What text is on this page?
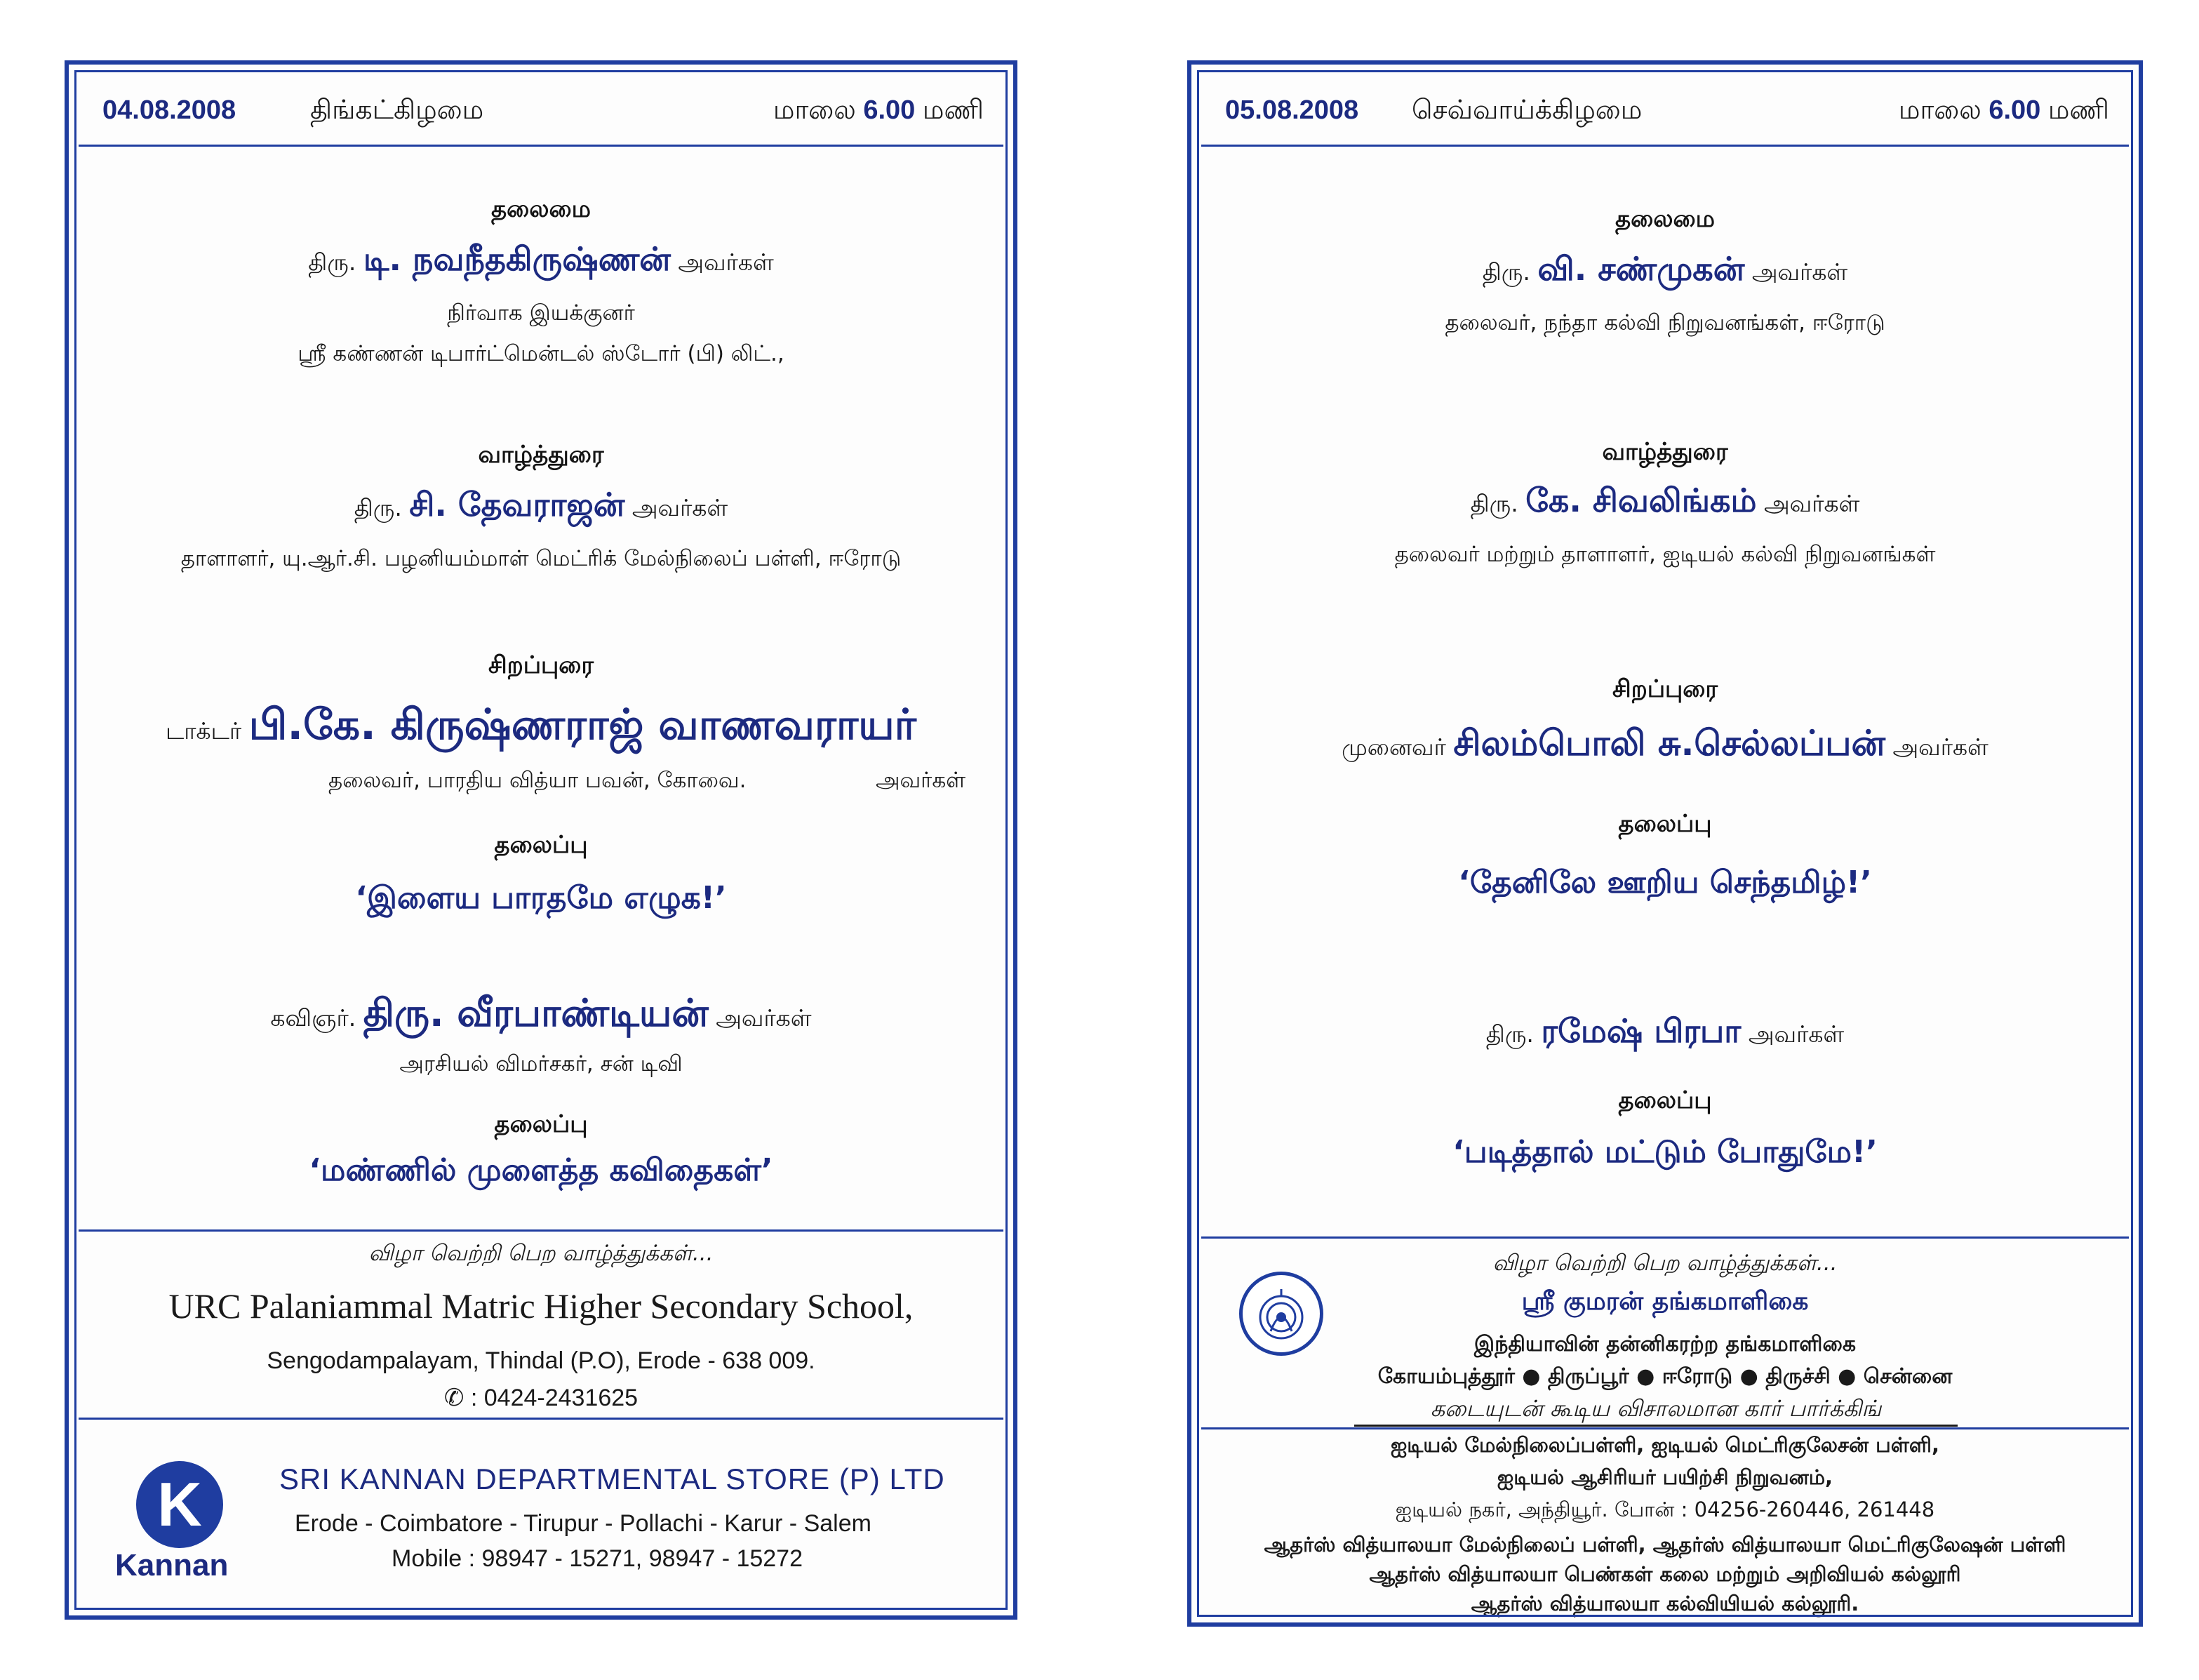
04.08.2008	திங்கட்கிழமை	மாலை 6.00 மணி
தலைமை
திரு. டி. நவநீதகிருஷ்ணன் அவர்கள்
நிர்வாக இயக்குனர்
ஸ்ரீ கண்ணன் டிபார்ட்மென்டல் ஸ்டோர் (பி) லிட்.,
வாழ்த்துரை
திரு. சி. தேவராஜன் அவர்கள்
தாளாளர், யு.ஆர்.சி. பழனியம்மாள் மெட்ரிக் மேல்நிலைப் பள்ளி, ஈரோடு
சிறப்புரை
டாக்டர் பி.கே. கிருஷ்ணராஜ் வாணவராயர்
தலைவர், பாரதிய வித்யா பவன், கோவை.	அவர்கள்
தலைப்பு
‘இளைய பாரதமே எழுக!’
கவிஞர். திரு. வீரபாண்டியன் அவர்கள்
அரசியல் விமர்சகர், சன் டிவி
தலைப்பு
‘மண்ணில் முளைத்த கவிதைகள்’
விழா வெற்றி பெற வாழ்த்துக்கள்...
URC Palaniammal Matric Higher Secondary School,
Sengodampalayam, Thindal (P.O), Erode - 638 009.
✆ : 0424-2431625
K
Kannan
SRI KANNAN DEPARTMENTAL STORE (P) LTD
Erode - Coimbatore - Tirupur - Pollachi - Karur - Salem
Mobile : 98947 - 15271, 98947 - 15272
05.08.2008 செவ்வாய்க்கிழமை	மாலை 6.00 மணி
தலைமை
திரு. வி. சண்முகன் அவர்கள்
தலைவர், நந்தா கல்வி நிறுவனங்கள், ஈரோடு
வாழ்த்துரை
திரு. கே. சிவலிங்கம் அவர்கள்
தலைவர் மற்றும் தாளாளர், ஐடியல் கல்வி நிறுவனங்கள்
சிறப்புரை
முனைவர் சிலம்பொலி சு.செல்லப்பன் அவர்கள்
தலைப்பு
‘தேனிலே ஊறிய செந்தமிழ்!’
திரு. ரமேஷ் பிரபா அவர்கள்
தலைப்பு
‘படித்தால் மட்டும் போதுமே!’
விழா வெற்றி பெற வாழ்த்துக்கள்...
ஸ்ரீ குமரன் தங்கமாளிகை
இந்தியாவின் தன்னிகரற்ற தங்கமாளிகை
கோயம்புத்தூர் ● திருப்பூர் ● ஈரோடு ● திருச்சி ● சென்னை
கடையுடன் கூடிய விசாலமான கார் பார்க்கிங்
ஐடியல் மேல்நிலைப்பள்ளி, ஐடியல் மெட்ரிகுலேசன் பள்ளி,
ஐடியல் ஆசிரியர் பயிற்சி நிறுவனம்,
ஐடியல் நகர், அந்தியூர். போன் : 04256-260446, 261448
ஆதர்ஸ் வித்யாலயா மேல்நிலைப் பள்ளி, ஆதர்ஸ் வித்யாலயா மெட்ரிகுலேஷன் பள்ளி
ஆதர்ஸ் வித்யாலயா பெண்கள் கலை மற்றும் அறிவியல் கல்லூரி
ஆதர்ஸ் வித்யாலயா கல்வியியல் கல்லூரி.
